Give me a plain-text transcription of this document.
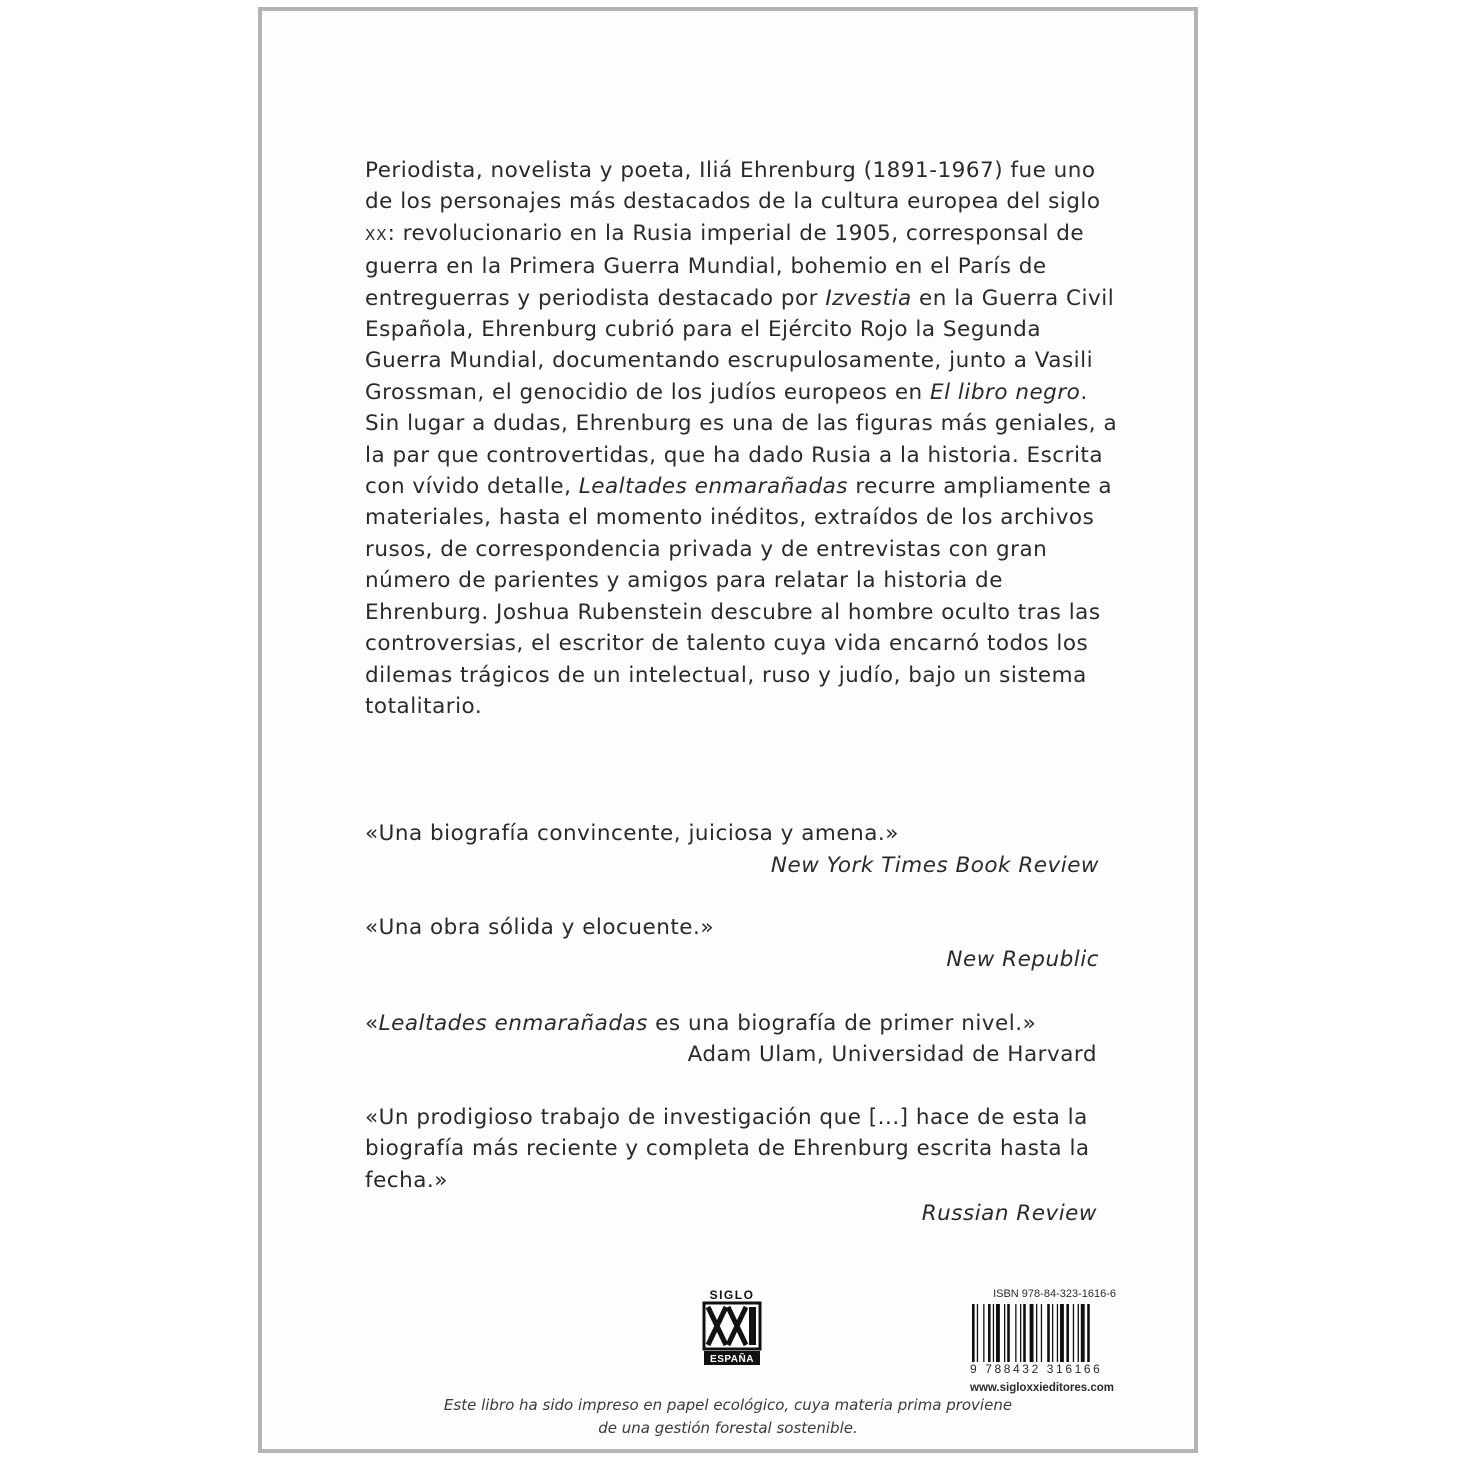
Periodista, novelista y poeta, Iliá Ehrenburg (1891-1967) fue uno de los personajes más destacados de la cultura europea del siglo XX: revolucionario en la Rusia imperial de 1905, corresponsal de guerra en la Primera Guerra Mundial, bohemio en el París de entreguerras y periodista destacado por Izvestia en la Guerra Civil Española, Ehrenburg cubrió para el Ejército Rojo la Segunda Guerra Mundial, documentando escrupulosamente, junto a Vasili Grossman, el genocidio de los judíos europeos en El libro negro. Sin lugar a dudas, Ehrenburg es una de las figuras más geniales, a la par que controvertidas, que ha dado Rusia a la historia. Escrita con vívido detalle, Lealtades enmarañadas recurre ampliamente a materiales, hasta el momento inéditos, extraídos de los archivos rusos, de correspondencia privada y de entrevistas con gran número de parientes y amigos para relatar la historia de Ehrenburg. Joshua Rubenstein descubre al hombre oculto tras las controversias, el escritor de talento cuya vida encarnó todos los dilemas trágicos de un intelectual, ruso y judío, bajo un sistema totalitario.

«Una biografía convincente, juiciosa y amena.»

New York Times Book Review

«Una obra sólida y elocuente.»

New Republic

«Lealtades enmarañadas es una biografía de primer nivel.»

Adam Ulam, Universidad de Harvard

«Un prodigioso trabajo de investigación que [...] hace de esta la biografía más reciente y completa de Ehrenburg escrita hasta la fecha.»

Russian Review

SIGLO
ESPAÑA
ISBN 978-84-323-1616-6
9 788432 316166
www.sigloxxieditores.com
Este libro ha sido impreso en papel ecológico, cuya materia prima proviene
de una gestión forestal sostenible.
